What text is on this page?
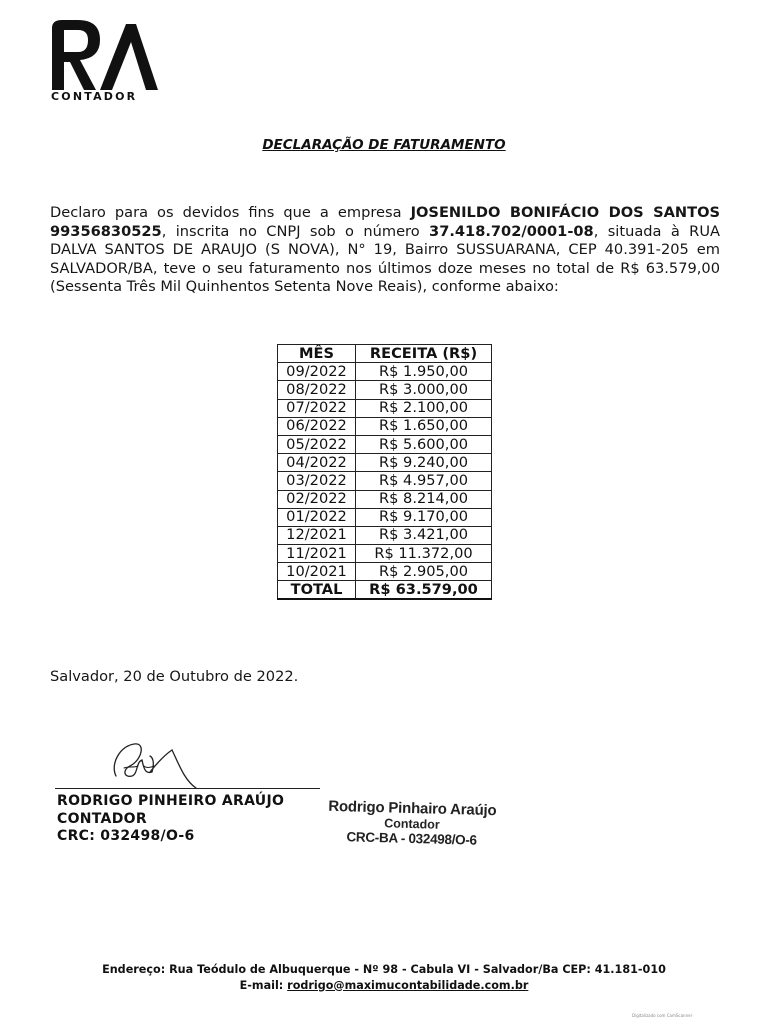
CONTADOR
DECLARAÇÃO DE FATURAMENTO
Declaro para os devidos fins que a empresa JOSENILDO BONIFÁCIO DOS SANTOS 99356830525, inscrita no CNPJ sob o número 37.418.702/0001-08, situada à RUA DALVA SANTOS DE ARAUJO (S NOVA), N° 19, Bairro SUSSUARANA, CEP 40.391-205 em SALVADOR/BA, teve o seu faturamento nos últimos doze meses no total de R$ 63.579,00 (Sessenta Três Mil Quinhentos Setenta Nove Reais), conforme abaixo:
MÊS	RECEITA (R$)
09/2022	R$ 1.950,00
08/2022	R$ 3.000,00
07/2022	R$ 2.100,00
06/2022	R$ 1.650,00
05/2022	R$ 5.600,00
04/2022	R$ 9.240,00
03/2022	R$ 4.957,00
02/2022	R$ 8.214,00
01/2022	R$ 9.170,00
12/2021	R$ 3.421,00
11/2021	R$ 11.372,00
10/2021	R$ 2.905,00
TOTAL	R$ 63.579,00
Salvador, 20 de Outubro de 2022.
RODRIGO PINHEIRO ARAÚJO
CONTADOR
CRC: 032498/O-6
Rodrigo Pinhairo Araújo
Contador
CRC-BA - 032498/O-6
Endereço: Rua Teódulo de Albuquerque - Nº 98 - Cabula VI - Salvador/Ba CEP: 41.181-010
E-mail: rodrigo@maximucontabilidade.com.br
Digitalizado com CamScanner
